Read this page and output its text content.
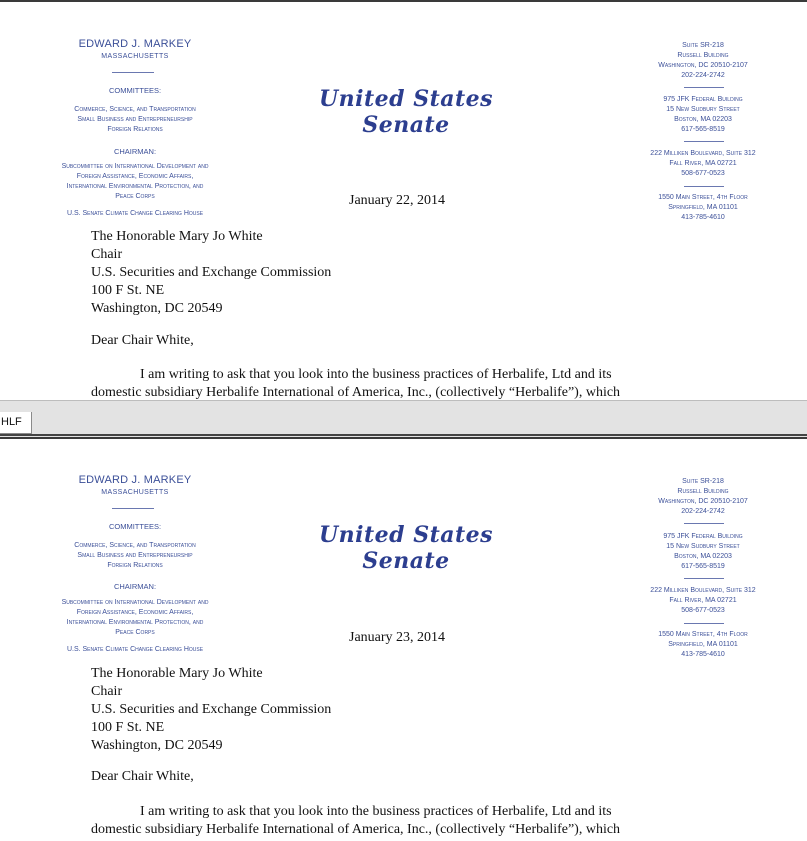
EDWARD J. MARKEY
MASSACHUSETTS
COMMITTEES:
Commerce, Science, and Transportation
Small Business and Entrepreneurship
Foreign Relations
CHAIRMAN:
Subcommittee on International Development and
Foreign Assistance, Economic Affairs,
International Environmental Protection, and
Peace Corps
U.S. Senate Climate Change Clearing House
United States Senate
Suite SR-218
Russell Building
Washington, DC 20510-2107
202-224-2742
975 JFK Federal Building
15 New Sudbury Street
Boston, MA 02203
617-565-8519
222 Milliken Boulevard, Suite 312
Fall River, MA 02721
508-677-0523
1550 Main Street, 4th Floor
Springfield, MA 01101
413-785-4610
January 22, 2014
The Honorable Mary Jo White
Chair
U.S. Securities and Exchange Commission
100 F St. NE
Washington, DC 20549
Dear Chair White,
I am writing to ask that you look into the business practices of Herbalife, Ltd and its
domestic subsidiary Herbalife International of America, Inc., (collectively “Herbalife”), which
HLF
EDWARD J. MARKEY
MASSACHUSETTS
COMMITTEES:
Commerce, Science, and Transportation
Small Business and Entrepreneurship
Foreign Relations
CHAIRMAN:
Subcommittee on International Development and
Foreign Assistance, Economic Affairs,
International Environmental Protection, and
Peace Corps
U.S. Senate Climate Change Clearing House
United States Senate
Suite SR-218
Russell Building
Washington, DC 20510-2107
202-224-2742
975 JFK Federal Building
15 New Sudbury Street
Boston, MA 02203
617-565-8519
222 Milliken Boulevard, Suite 312
Fall River, MA 02721
508-677-0523
1550 Main Street, 4th Floor
Springfield, MA 01101
413-785-4610
January 23, 2014
The Honorable Mary Jo White
Chair
U.S. Securities and Exchange Commission
100 F St. NE
Washington, DC 20549
Dear Chair White,
I am writing to ask that you look into the business practices of Herbalife, Ltd and its
domestic subsidiary Herbalife International of America, Inc., (collectively “Herbalife”), which
